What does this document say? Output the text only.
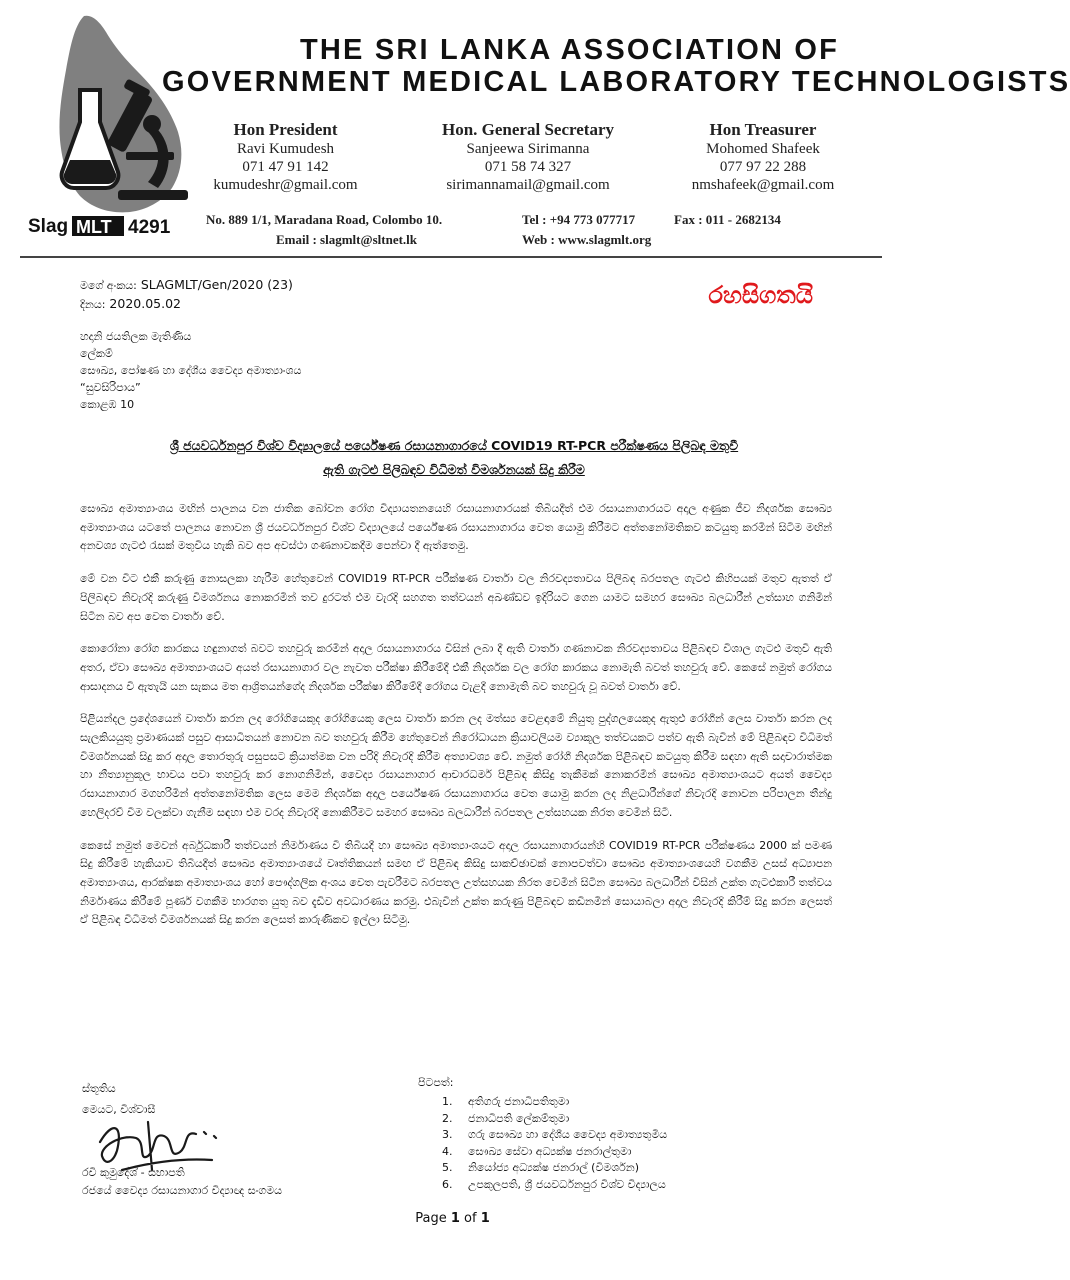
Slag MLT 4291
THE SRI LANKA ASSOCIATION OF
GOVERNMENT MEDICAL LABORATORY TECHNOLOGISTS
Hon President
Ravi Kumudesh
071 47 91 142
kumudeshr@gmail.com
Hon. General Secretary
Sanjeewa Sirimanna
071 58 74 327
sirimannamail@gmail.com
Hon Treasurer
Mohomed Shafeek
077 97 22 288
nmshafeek@gmail.com
No. 889 1/1, Maradana Road, Colombo 10.
Email : slagmlt@sltnet.lk
Tel : +94 773 077717	Fax : 011 - 2682134
Web : www.slagmlt.org
මගේ අංකය: SLAGMLT/Gen/2020 (23)
දිනය: 2020.05.02	රහසිගතයි
හදානි ජයතිලක මැතිණිය
ලේකම්
සෞඛ්‍ය, පෝෂණ හා දේශීය වෛද්‍ය අමාත්‍යාංශය
“සුවසිරිපාය”
කොළඹ 10
ශ්‍රී ජයවර්ධනපුර විශ්ව විද්‍යාලයේ පර්යේෂණ රසායනාගාරයේ COVID19 RT-PCR පරීක්ෂණය පිලිබඳ මතුවී
ඇති ගැටළු පිලිබඳව විධිමත් විමර්ශනයක් සිදු කිරීම

සෞඛ්‍ය අමාත්‍යාංශය මඟින් පාලනය වන ජාතික බෝවන රෝග විද්‍යායතනයෙහි රසායනාගාරයක් තිබියදීත් එම රසායනාගාරයට අදාල අණුක ජීව නිදර්ශක සෞඛ්‍ය අමාත්‍යාංශය යටතේ පාලනය නොවන ශ්‍රී ජයවර්ධනපුර විශ්ව විද්‍යාලයේ පර්යේෂණ රසායනාගාරය වෙත යොමු කිරීමට අත්තනෝමතිකව කටයුතු කරමින් සිටීම මඟින් අනවශ්‍ය ගැටළු රැසක් මතුවිය හැකි බව අප අවස්ථා ගණනාවකදීම පෙන්වා දී ඇත්තෙමු.

මේ වන විට එකී කරුණු නොසලකා හැරීම හේතුවෙන් COVID19 RT-PCR පරීක්ෂණ වාර්තා වල නිරවද්‍යතාවය පිලිබඳ බරපතල ගැටළු කිහිපයක් මතුව ඇතත් ඒ පිලිබඳව නිවැරදි කරුණු විමර්ශනය නොකරමින් තව දුරටත් එම වැරදි සහගත තත්වයන් අඛණ්ඩව ඉදිරියට ගෙන යාමට සමහර සෞඛ්‍ය බලධාරීන් උත්සාහ ගනිමින් සිටින බව අප වෙත වාර්තා වේ.

කොරෝනා රෝග කාරකය හඳුනාගත් බවට තහවුරු කරමින් අදාල රසායනාගාරය විසින් ලබා දී ඇති වාර්තා ගණනාවක නිරවද්‍යතාවය පිළිබඳව විශාල ගැටළු මතුවී ඇති අතර, ඒවා සෞඛ්‍ය අමාත්‍යාංශයට අයත් රසායනාගාර වල නැවත පරීක්ෂා කිරීමේදී එකී නිදර්ශක වල රෝග කාරකය නොමැති බවත් තහවුරු වේ. කෙසේ නමුත් රෝගය ආසාදනය වී ඇතැයි යන සැකය මත ආශ්‍රිතයන්ගේද නිදර්ශක පරීක්ෂා කිරීමේදී රෝගය වැළදී නොමැති බව තහවුරු වූ බවත් වාර්තා වේ.

පිළියන්දල ප්‍රදේශයෙන් වාර්තා කරන ලද රෝගියෙකුද රෝගියෙකු ලෙස වාර්තා කරන ලද මත්ස්‍ය වෙළඳාමේ නියුතු පුද්ගලයෙකුද ඇතුළු රෝගීන් ලෙස වාර්තා කරන ලද සැලකියයුතු ප්‍රමාණයක් පසුව ආසාධිතයන් නොවන බව තහවුරු කිරීම හේතුවෙන් නිරෝධායන ක්‍රියාවලියම ව්‍යාකූල තත්වයකට පත්ව ඇති බැවින් මේ පිළිබඳව විධිමත් විමර්ශනයක් සිදු කර අදාල තොරතුරු පසුපසට ක්‍රියාත්මක වන පරිදි නිවැරදි කිරීම අත්‍යාවශ්‍ය වේ. නමුත් රෝගී නිදර්ශක පිළිබඳව කටයුතු කිරීම සඳහා ඇති සදාචාරාත්මක හා නීත්‍යානුකූල භාවය පවා තහවුරු කර නොගනිමින්, වෛද්‍ය රසායනාගාර ආචාරධර්ම පිළිබඳ කිසිදු තැකීමක් නොකරමින් සෞඛ්‍ය අමාත්‍යාංශයට අයත් වෛද්‍ය රසායනාගාර මගහරිමින් අත්තනෝමතික ලෙස මෙම නිදර්ශක අදාල පර්යේෂණ රසායනාගාරය වෙත යොමු කරන ලද නිළධාරීන්ගේ නිවැරදි නොවන පරිපාලන තීන්දු හෙලිදරව් වීම වලක්වා ගැනීම සඳහා එම වරද නිවැරදි නොකිරීමට සමහර සෞඛ්‍ය බලධාරීන් බරපතල උත්සහයක නිරත වෙමින් සිටී.

කෙසේ නමුත් මෙවන් අර්බුධකාරී තත්වයන් නිර්මාණය වී තිබියදී හා සෞඛ්‍ය අමාත්‍යාංශයට අදාල රසායනාගාරයන්හි COVID19 RT-PCR පරීක්ෂණය 2000 ක් පමණ සිදු කිරීමේ හැකියාව තිබියදීත් සෞඛ්‍ය අමාත්‍යාංශයේ වෘත්තිකයන් සමඟ ඒ පිළිබඳ කිසිදු සාකච්ඡාවක් නොපවත්වා සෞඛ්‍ය අමාත්‍යාංශයෙහි වගකීම උසස් අධ්‍යාපන අමාත්‍යාංශය, ආරක්ෂක අමාත්‍යාංශය හෝ පෞද්ගලික අංශය වෙත පැවරීමට බරපතල උත්සහයක නිරත වෙමින් සිටින සෞඛ්‍ය බලධාරීන් විසින් උක්ත ගැටළුකාරී තත්වය නිර්මාණය කිරීමේ පූර්ණ වගකීම භාරගත යුතු බව දැඩිව අවධාරණය කරමු. එබැවින් උක්ත කරුණු පිළිබඳව කඩිනමින් සොයාබලා අදාල නිවැරදි කිරීම් සිදු කරන ලෙසත් ඒ පිළිබඳ විධිමත් විමර්ශනයක් සිදු කරන ලෙසත් කාරුණිකව ඉල්ලා සිටිමු.

ස්තූතිය
මෙයට, විශ්වාසී
රවි කුමුදේශ් - සභාපති
රජයේ වෛද්‍ය රසායනාගාර විද්‍යාඥ සංගමය
පිටපත්:
1. අතිගරු ජනාධිපතිතුමා
2. ජනාධිපති ලේකම්තුමා
3. ගරු සෞඛ්‍ය හා දේශීය වෛද්‍ය අමාත්‍යතුමිය
4. සෞඛ්‍ය සේවා අධ්‍යක්ෂ ජනරාල්තුමා
5. නියෝජ්‍ය අධ්‍යක්ෂ ජනරාල් (විමර්ශන)
6. උපකුලපති, ශ්‍රී ජයවර්ධනපුර විශ්ව විද්‍යාලය
Page 1 of 1
